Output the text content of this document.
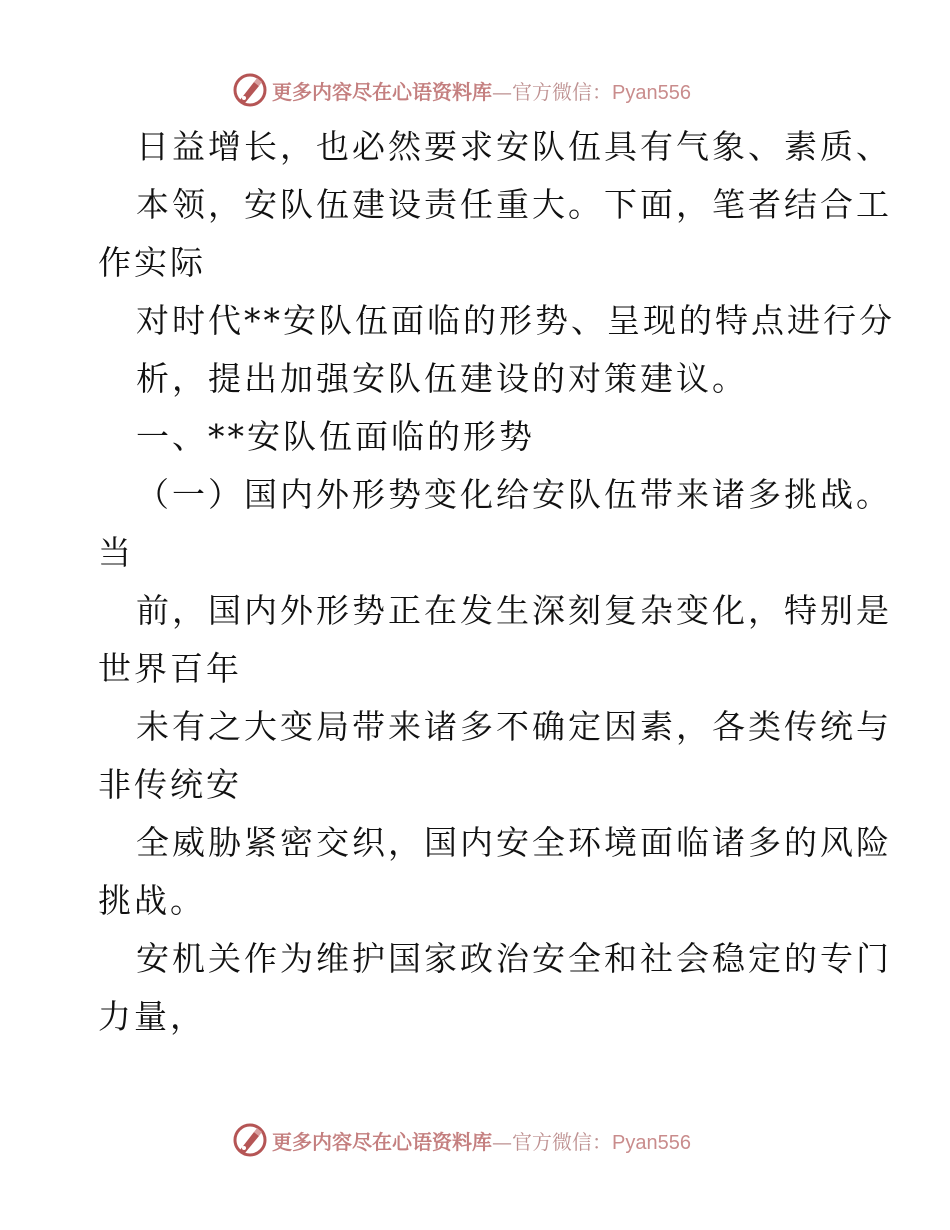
更多内容尽在心语资料库—官方微信：Pyan556
日益增长，也必然要求安队伍具有气象、素质、
本领，安队伍建设责任重大。下面，笔者结合工
作实际
对时代**安队伍面临的形势、呈现的特点进行分
析，提出加强安队伍建设的对策建议。
一、**安队伍面临的形势
（一）国内外形势变化给安队伍带来诸多挑战。
当
前，国内外形势正在发生深刻复杂变化，特别是
世界百年
未有之大变局带来诸多不确定因素，各类传统与
非传统安
全威胁紧密交织，国内安全环境面临诸多的风险
挑战。
安机关作为维护国家政治安全和社会稳定的专门
力量，
更多内容尽在心语资料库—官方微信：Pyan556
